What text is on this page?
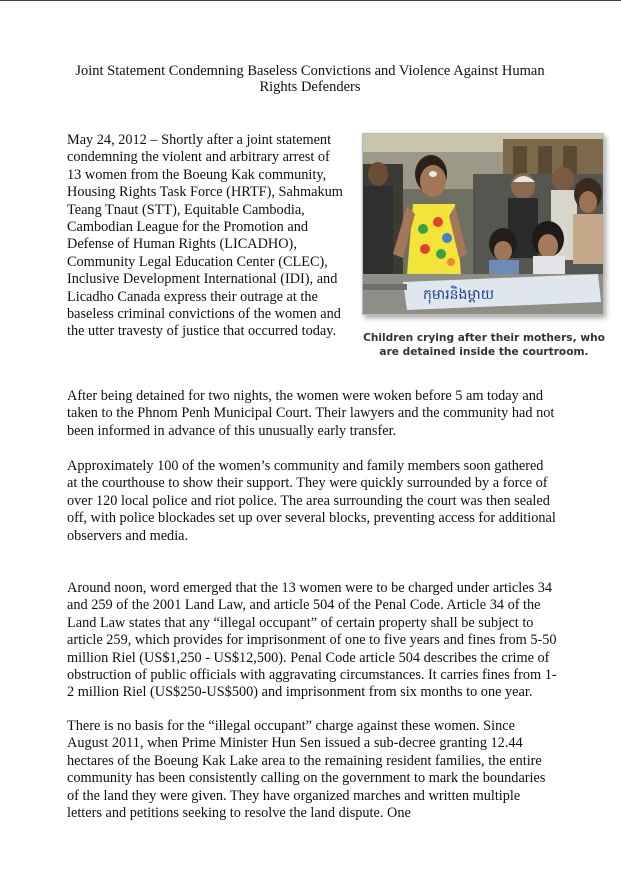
Joint Statement Condemning Baseless Convictions and Violence Against Human Rights Defenders

May 24, 2012 – Shortly after a joint statement condemning the violent and arbitrary arrest of 13 women from the Boeung Kak community, Housing Rights Task Force (HRTF), Sahmakum Teang Tnaut (STT), Equitable Cambodia, Cambodian League for the Promotion and Defense of Human Rights (LICADHO), Community Legal Education Center (CLEC), Inclusive Development International (IDI), and Licadho Canada express their outrage at the baseless criminal convictions of the women and the utter travesty of justice that occurred today.

កុមារនិងម្តាយ
Children crying after their mothers, who are detained inside the courtroom.

After being detained for two nights, the women were woken before 5 am today and taken to the Phnom Penh Municipal Court. Their lawyers and the community had not been informed in advance of this unusually early transfer.

Approximately 100 of the women’s community and family members soon gathered at the courthouse to show their support. They were quickly surrounded by a force of over 120 local police and riot police. The area surrounding the court was then sealed off, with police blockades set up over several blocks, preventing access for additional observers and media.

Around noon, word emerged that the 13 women were to be charged under articles 34 and 259 of the 2001 Land Law, and article 504 of the Penal Code. Article 34 of the Land Law states that any “illegal occupant” of certain property shall be subject to article 259, which provides for imprisonment of one to five years and fines from 5-50 million Riel (US$1,250 - US$12,500). Penal Code article 504 describes the crime of obstruction of public officials with aggravating circumstances. It carries fines from 1-2 million Riel (US$250-US$500) and imprisonment from six months to one year.

There is no basis for the “illegal occupant” charge against these women. Since August 2011, when Prime Minister Hun Sen issued a sub-decree granting 12.44 hectares of the Boeung Kak Lake area to the remaining resident families, the entire community has been consistently calling on the government to mark the boundaries of the land they were given. They have organized marches and written multiple letters and petitions seeking to resolve the land dispute. One
